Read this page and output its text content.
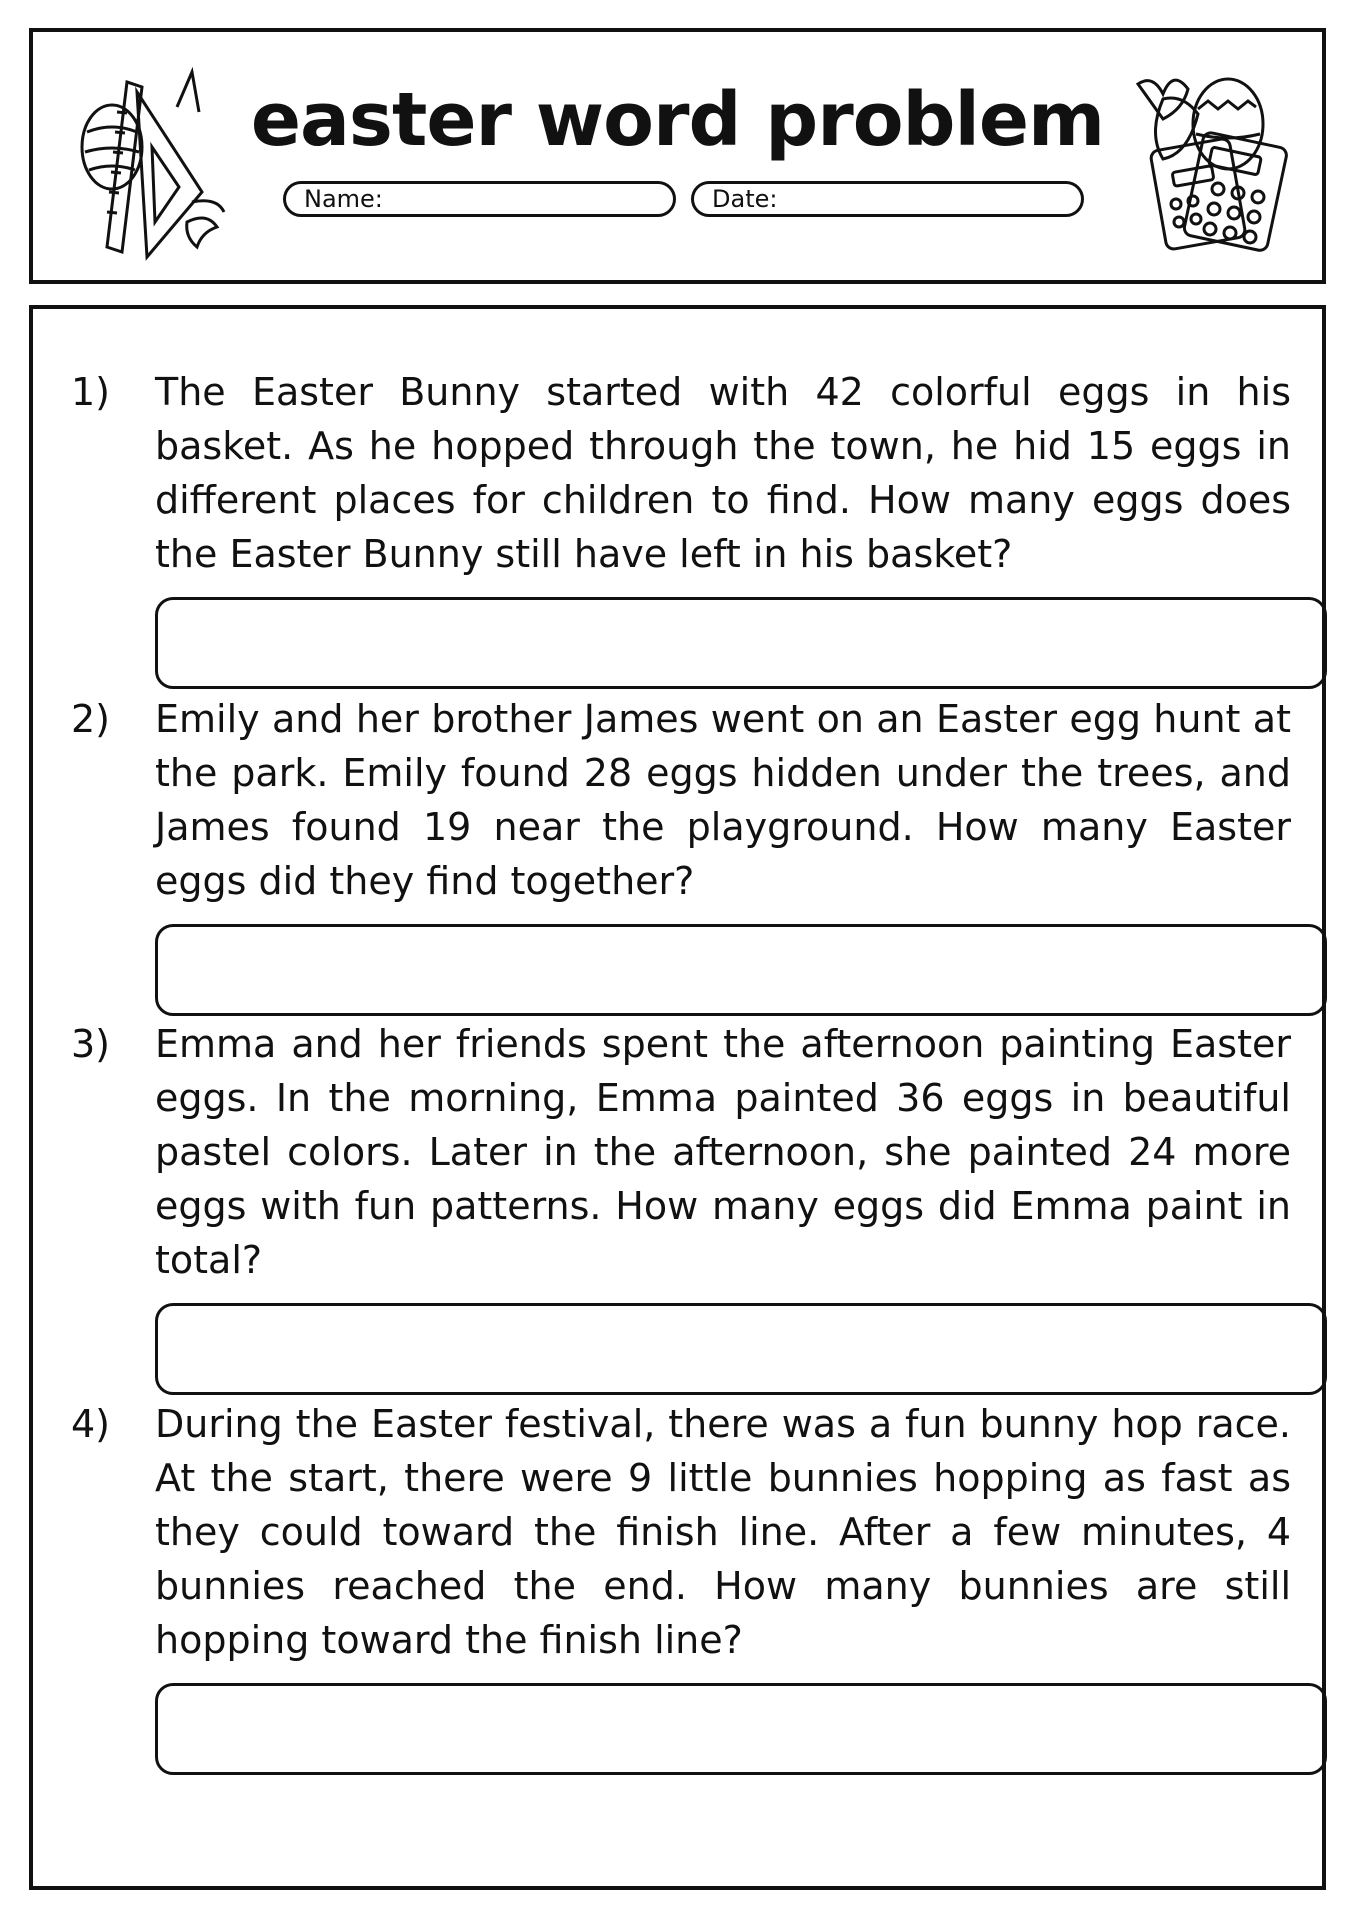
easter word problem
Name:	Date:
1)	The Easter Bunny started with 42 colorful eggs in his basket. As he hopped through the town, he hid 15 eggs in different places for children to find. How many eggs does the Easter Bunny still have left in his basket?
2)	Emily and her brother James went on an Easter egg hunt at the park. Emily found 28 eggs hidden under the trees, and James found 19 near the playground. How many Easter eggs did they find together?
3)	Emma and her friends spent the afternoon painting Easter eggs. In the morning, Emma painted 36 eggs in beautiful pastel colors. Later in the afternoon, she painted 24 more eggs with fun patterns. How many eggs did Emma paint in total?
4)	During the Easter festival, there was a fun bunny hop race. At the start, there were 9 little bunnies hopping as fast as they could toward the finish line. After a few minutes, 4 bunnies reached the end. How many bunnies are still hopping toward the finish line?
